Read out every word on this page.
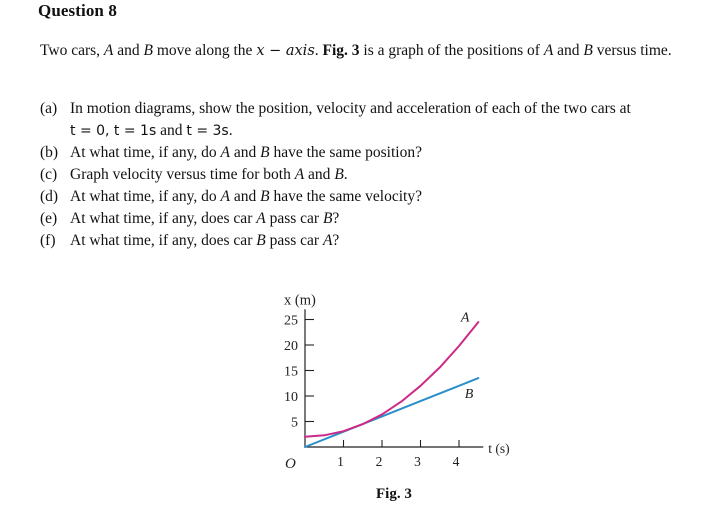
Question 8
Two cars, A and B move along the x − axis. Fig. 3 is a graph of the positions of A and B versus time.
(a) In motion diagrams, show the position, velocity and acceleration of each of the two cars at
t = 0, t = 1s and t = 3s.
(b) At what time, if any, do A and B have the same position?
(c) Graph velocity versus time for both A and B.
(d) At what time, if any, do A and B have the same velocity?
(e) At what time, if any, does car A pass car B?
(f) At what time, if any, does car B pass car A?
5
10
15
20
25
1 2 3 4
O
x (m)
t (s)
A
B
Fig. 3
